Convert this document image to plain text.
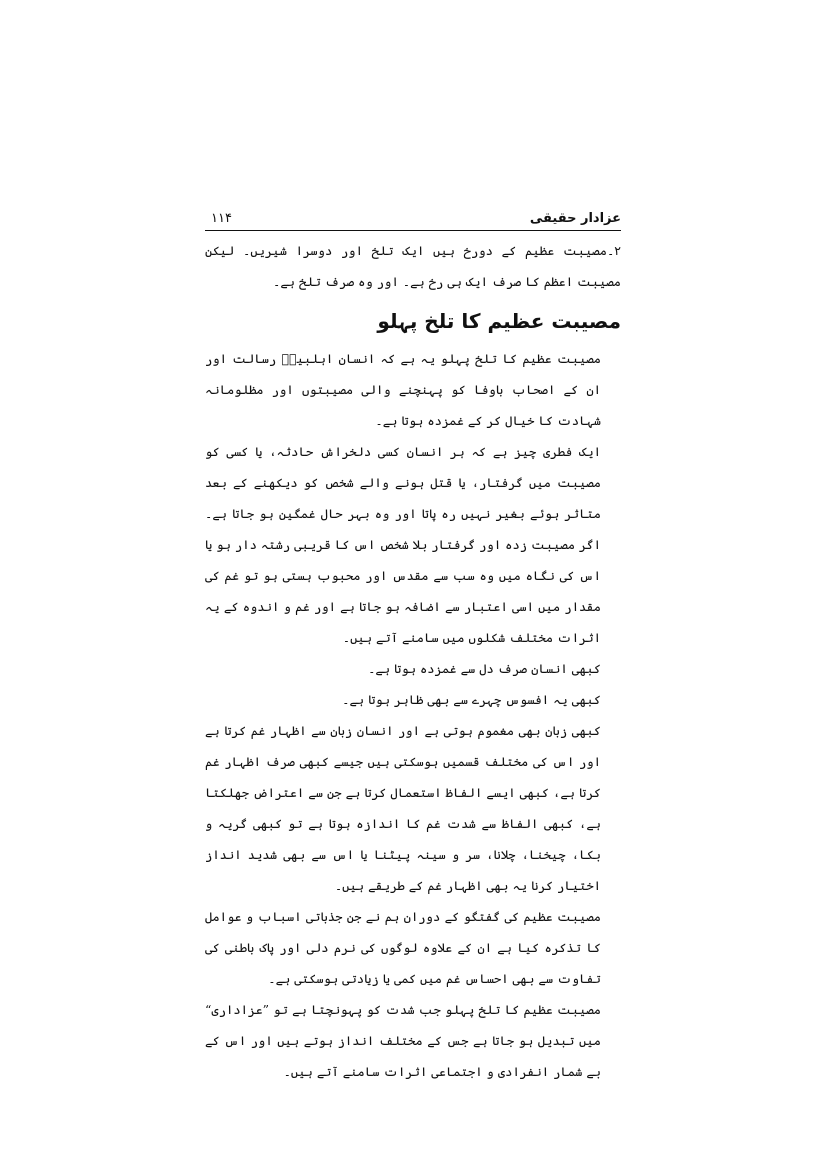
عزادار حقیقی
۱۱۴

۲۔مصیبت عظیم کے دورخ ہیں ایک تلخ اور دوسرا شیریں۔ لیکن مصیبت اعظم کا صرف ایک ہی رخ ہے۔ اور وہ صرف تلخ ہے۔

مصیبت عظیم کا تلخ پہلو

مصیبت عظیم کا تلخ پہلو یہ ہے کہ انسان اہلبیتؑ رسالت اور ان کے اصحاب باوفا کو پہنچنے والی مصیبتوں اور مظلومانہ شہادت کا خیال کر کے غمزدہ ہوتا ہے۔

ایک فطری چیز ہے کہ ہر انسان کسی دلخراش حادثہ، یا کسی کو مصیبت میں گرفتار، یا قتل ہونے والے شخص کو دیکھنے کے بعد متاثر ہوئے بغیر نہیں رہ پاتا اور وہ بہر حال غمگین ہو جاتا ہے۔ اگر مصیبت زدہ اور گرفتار بلا شخص اس کا قریبی رشتہ دار ہو یا اس کی نگاہ میں وہ سب سے مقدس اور محبوب ہستی ہو تو غم کی مقدار میں اسی اعتبار سے اضافہ ہو جاتا ہے اور غم و اندوہ کے یہ اثرات مختلف شکلوں میں سامنے آتے ہیں۔

کبھی انسان صرف دل سے غمزدہ ہوتا ہے۔

کبھی یہ افسوس چہرے سے بھی ظاہر ہوتا ہے۔

کبھی زبان بھی مغموم ہوتی ہے اور انسان زبان سے اظہار غم کرتا ہے اور اس کی مختلف قسمیں ہوسکتی ہیں جیسے کبھی صرف اظہار غم کرتا ہے، کبھی ایسے الفاظ استعمال کرتا ہے جن سے اعتراض جھلکتا ہے، کبھی الفاظ سے شدت غم کا اندازہ ہوتا ہے تو کبھی گریہ و بکا، چیخنا، چلانا، سر و سینہ پیٹنا یا اس سے بھی شدید انداز اختیار کرنا یہ بھی اظہار غم کے طریقے ہیں۔

مصیبت عظیم کی گفتگو کے دوران ہم نے جن جذباتی اسباب و عوامل کا تذکرہ کیا ہے ان کے علاوہ لوگوں کی نرم دلی اور پاک باطنی کی تفاوت سے بھی احساس غم میں کمی یا زیادتی ہوسکتی ہے۔

مصیبت عظیم کا تلخ پہلو جب شدت کو پہونچتا ہے تو ”عزاداری“ میں تبدیل ہو جاتا ہے جس کے مختلف انداز ہوتے ہیں اور اس کے بے شمار انفرادی و اجتماعی اثرات سامنے آتے ہیں۔
